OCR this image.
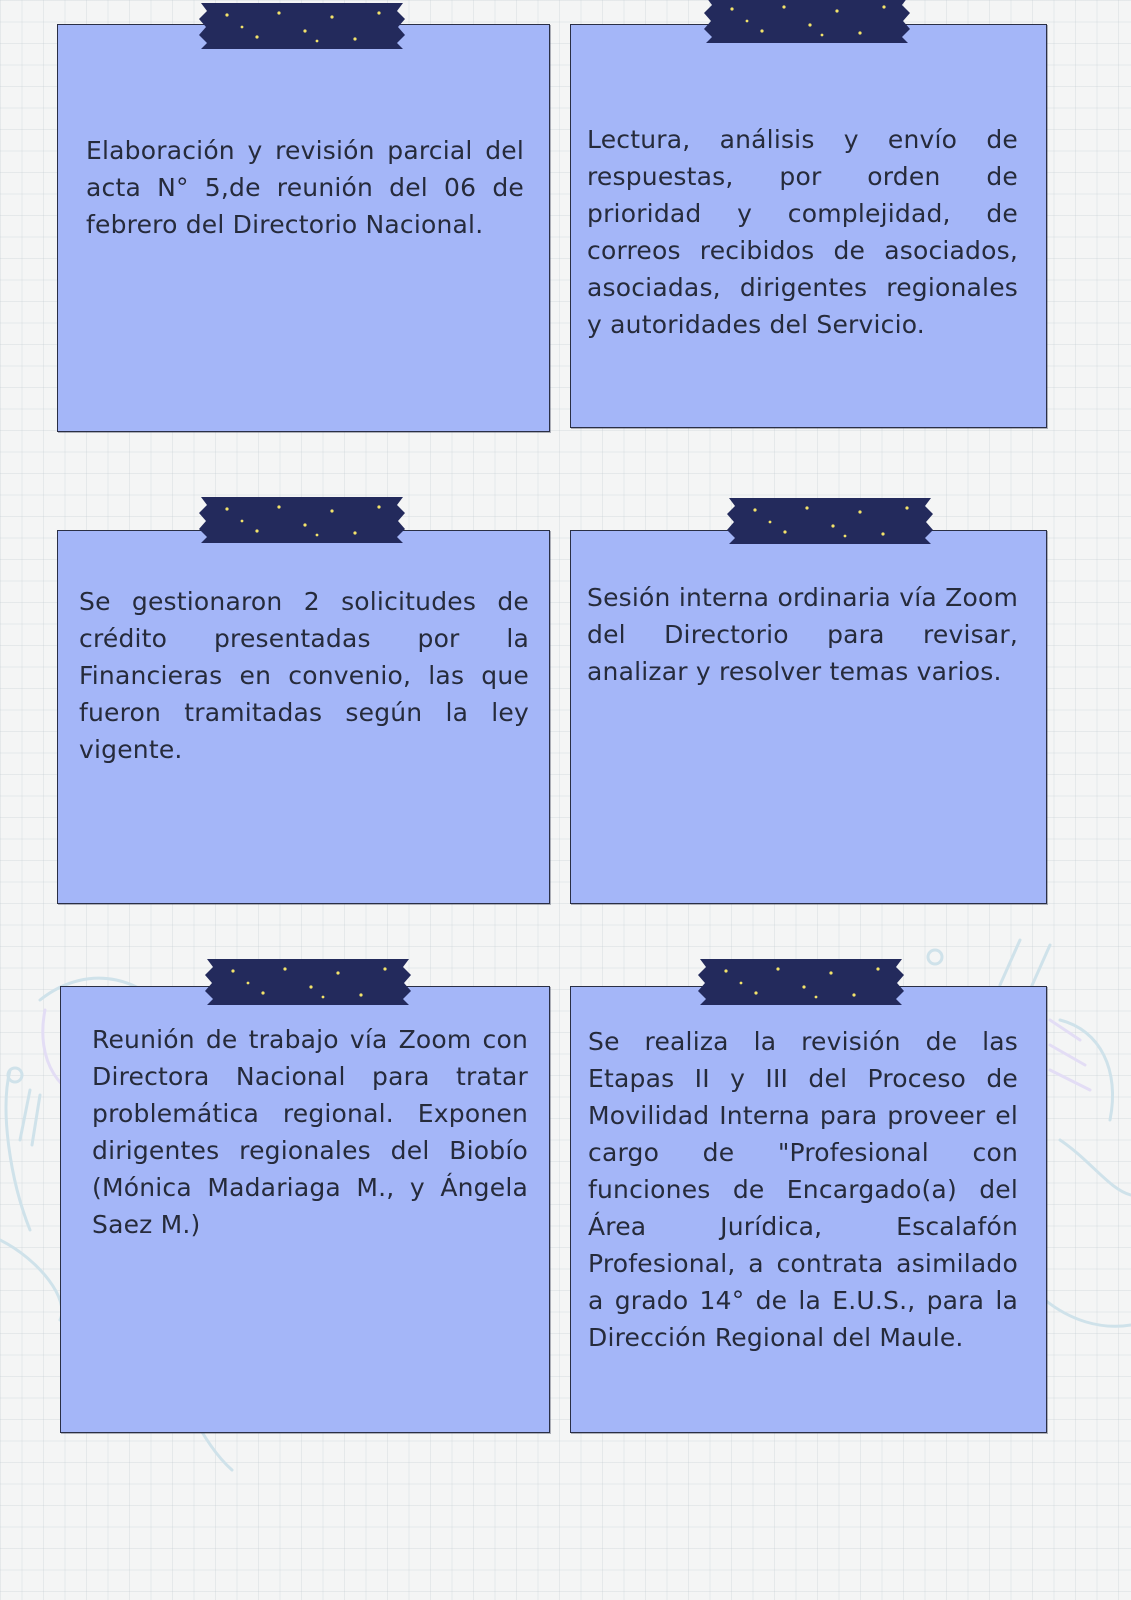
Elaboración y revisión parcial del acta N° 5,de reunión del 06 de febrero del Directorio Nacional.

Lectura, análisis y envío de respuestas, por orden de prioridad y complejidad, de correos recibidos de asociados, asociadas, dirigentes regionales y autoridades del Servicio.

Se gestionaron 2 solicitudes de crédito presentadas por la Financieras en convenio, las que fueron tramitadas según la ley vigente.

Sesión interna ordinaria vía Zoom del Directorio para revisar, analizar y resolver temas varios.

Reunión de trabajo vía Zoom con Directora Nacional para tratar problemática regional. Exponen dirigentes regionales del Biobío (Mónica Madariaga M., y Ángela Saez M.)

Se realiza la revisión de las Etapas II y III del Proceso de Movilidad Interna para proveer el cargo de "Profesional con funciones de Encargado(a) del Área Jurídica, Escalafón Profesional, a contrata asimilado a grado 14° de la E.U.S., para la Dirección Regional del Maule.
